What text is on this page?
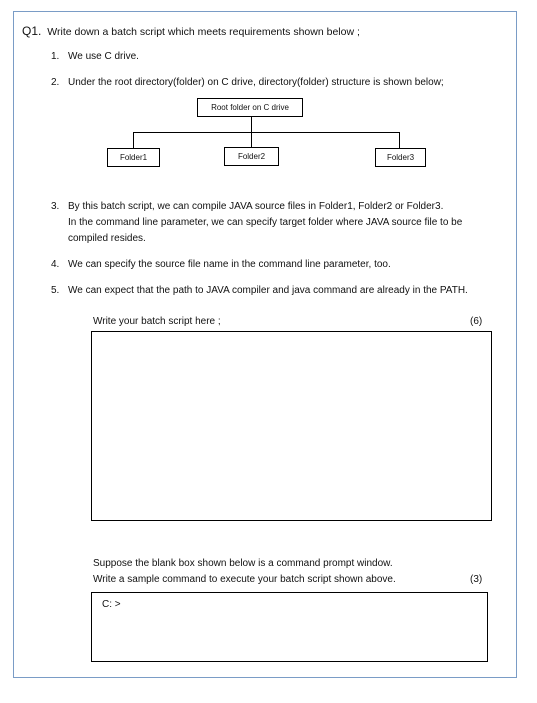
Q1. Write down a batch script which meets requirements shown below ;
1. We use C drive.
2. Under the root directory(folder) on C drive, directory(folder) structure is shown below;
Root folder on C drive
Folder1	Folder2	Folder3
3. By this batch script, we can compile JAVA source files in Folder1, Folder2 or Folder3.
In the command line parameter, we can specify target folder where JAVA source file to be
compiled resides.
4. We can specify the source file name in the command line parameter, too.
5. We can expect that the path to JAVA compiler and java command are already in the PATH.
Write your batch script here ;	(6)
Suppose the blank box shown below is a command prompt window.
Write a sample command to execute your batch script shown above.	(3)
C: >
